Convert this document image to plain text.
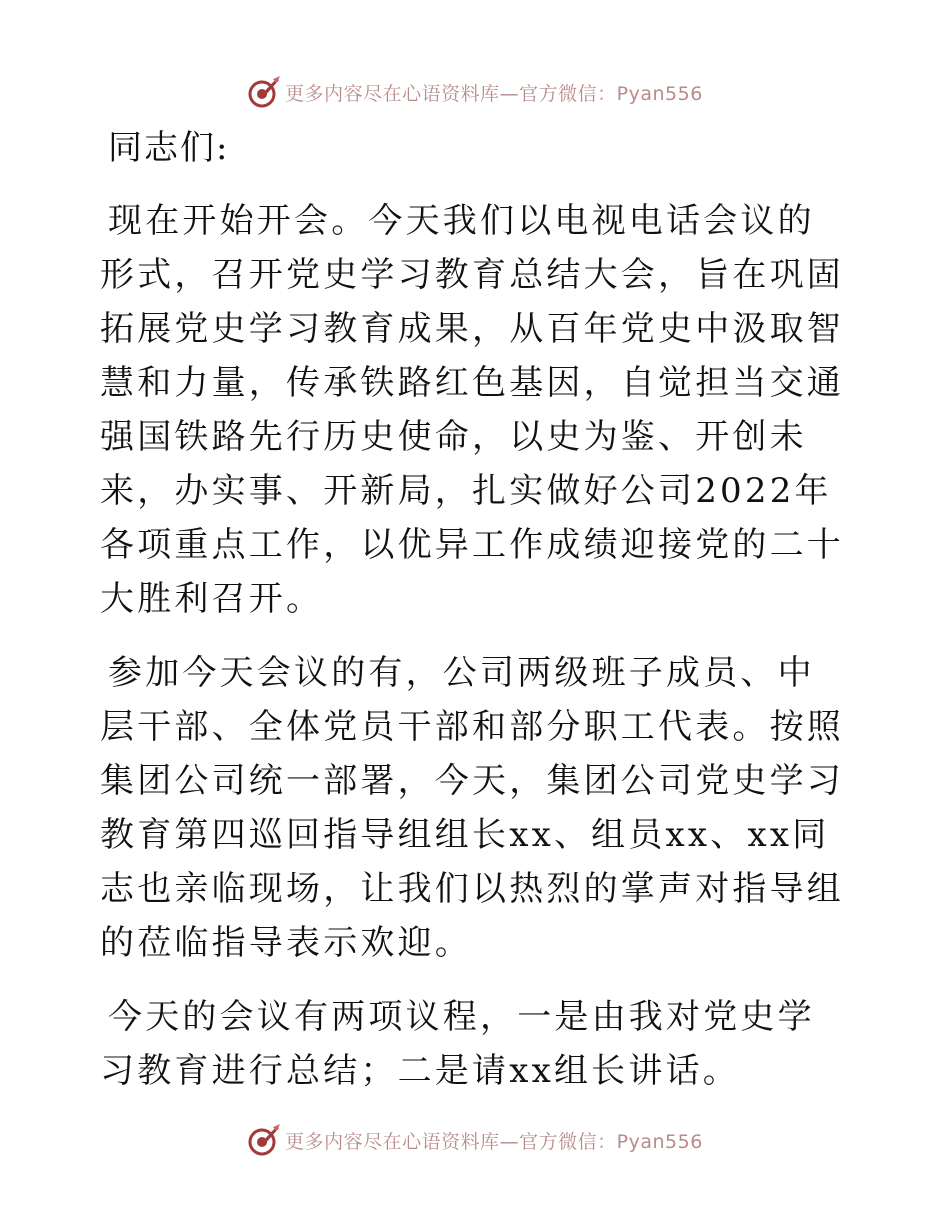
更多内容尽在心语资料库—官方微信：Pyan556

同志们:

现在开始开会。今天我们以电视电话会议的形式，召开党史学习教育总结大会，旨在巩固拓展党史学习教育成果，从百年党史中汲取智慧和力量，传承铁路红色基因，自觉担当交通强国铁路先行历史使命，以史为鉴、开创未来，办实事、开新局，扎实做好公司2022年各项重点工作，以优异工作成绩迎接党的二十大胜利召开。

参加今天会议的有，公司两级班子成员、中层干部、全体党员干部和部分职工代表。按照集团公司统一部署，今天，集团公司党史学习教育第四巡回指导组组长xx、组员xx、xx同志也亲临现场，让我们以热烈的掌声对指导组的莅临指导表示欢迎。

今天的会议有两项议程，一是由我对党史学习教育进行总结；二是请xx组长讲话。

更多内容尽在心语资料库—官方微信：Pyan556
